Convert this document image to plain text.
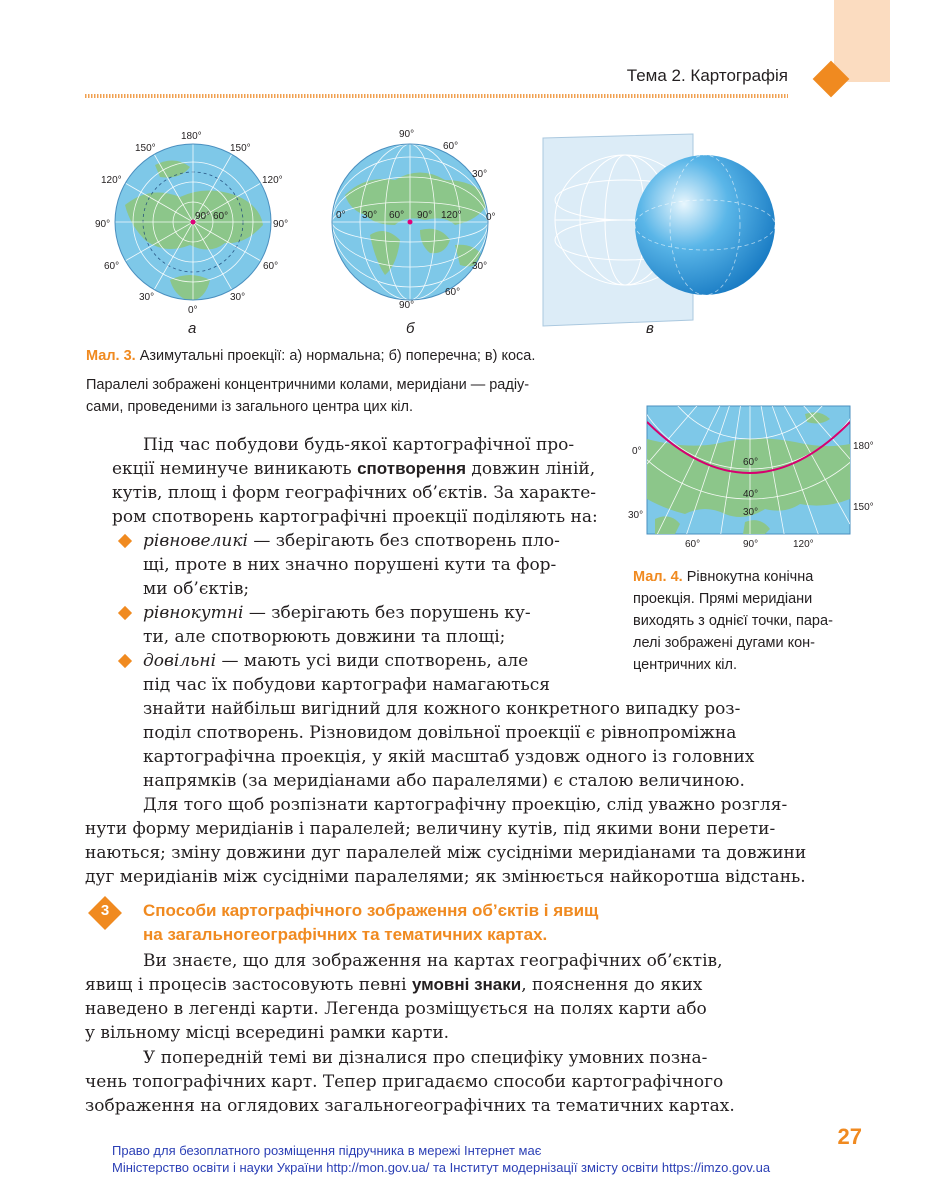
Тема 2. Картографія
180°
150°	150°
120°	120°
90°	90°
60°	60°
30°	30°
0°
90° 60°
а
90°
60°
30°
0° 30° 60° 90° 120° 0°
30°
60°
90°
б	в
Мал. 3. Азимутальні проекції: а) нормальна; б) поперечна; в) коса.
Паралелі зображені концентричними колами, меридіани — радіу-
сами, проведеними із загального центра цих кіл.
0°	180°
30°
150°
60°
40°
30°
60°	90°	120°
Мал. 4. Рівнокутна конічна
проекція. Прямі меридіани
виходять з однієї точки, пара-
лелі зображені дугами кон-
центричних кіл.
Під час побудови будь-якої картографічної про-
екції неминуче виникають спотворення довжин ліній,
кутів, площ і форм географічних об’єктів. За характе-
ром спотворень картографічні проекції поділяють на:
рівновеликі — зберігають без спотворень пло-
щі, проте в них значно порушені кути та фор-
ми об’єктів;
рівнокутні — зберігають без порушень ку-
ти, але спотворюють довжини та площі;
довільні — мають усі види спотворень, але
під час їх побудови картографи намагаються
знайти найбільш вигідний для кожного конкретного випадку роз-
поділ спотворень. Різновидом довільної проекції є рівнопроміжна
картографічна проекція, у якій масштаб уздовж одного із головних
напрямків (за меридіанами або паралелями) є сталою величиною.
Для того щоб розпізнати картографічну проекцію, слід уважно розгля-
нути форму меридіанів і паралелей; величину кутів, під якими вони перети-
наються; зміну довжини дуг паралелей між сусідніми меридіанами та довжини
дуг меридіанів між сусідніми паралелями; як змінюється найкоротша відстань.
3	Способи картографічного зображення об’єктів і явищ
на загальногеографічних та тематичних картах.
Ви знаєте, що для зображення на картах географічних об’єктів,
явищ і процесів застосовують певні умовні знаки, пояснення до яких
наведено в легенді карти. Легенда розміщується на полях карти або
у вільному місці всередині рамки карти.
У попередній темі ви дізналися про специфіку умовних позна-
чень топографічних карт. Тепер пригадаємо способи картографічного
зображення на оглядових загальногеографічних та тематичних картах.
27
Право для безоплатного розміщення підручника в мережі Інтернет має
Міністерство освіти і науки України http://mon.gov.ua/ та Інститут модернізації змісту освіти https://imzo.gov.ua
